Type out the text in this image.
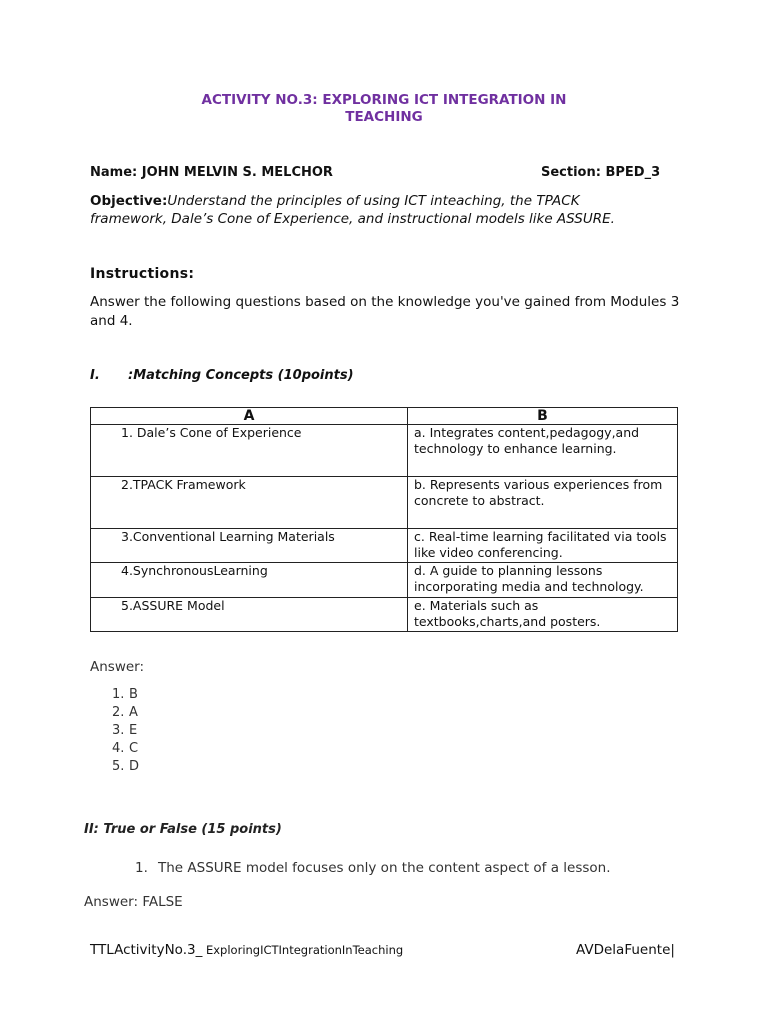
ACTIVITY NO.3: EXPLORING ICT INTEGRATION IN
TEACHING
Name: JOHN MELVIN S. MELCHOR	Section: BPED_3
Objective:Understand the principles of using ICT inteaching, the TPACK framework, Dale’s Cone of Experience, and instructional models like ASSURE.
Instructions:
Answer the following questions based on the knowledge you've gained from Modules 3 and 4.
I. :Matching Concepts (10points)
A	B
1. Dale’s Cone of Experience	a. Integrates content,pedagogy,and technology to enhance learning.
2.TPACK Framework	b. Represents various experiences from concrete to abstract.
3.Conventional Learning Materials	c. Real-time learning facilitated via tools like video conferencing.
4.SynchronousLearning	d. A guide to planning lessons incorporating media and technology.
5.ASSURE Model	e. Materials such as textbooks,charts,and posters.
Answer:
1. B
2. A
3. E
4. C
5. D
II: True or False (15 points)
1. The ASSURE model focuses only on the content aspect of a lesson.
Answer: FALSE
TTLActivityNo.3_ ExploringICTIntegrationInTeaching	AVDelaFuente|
